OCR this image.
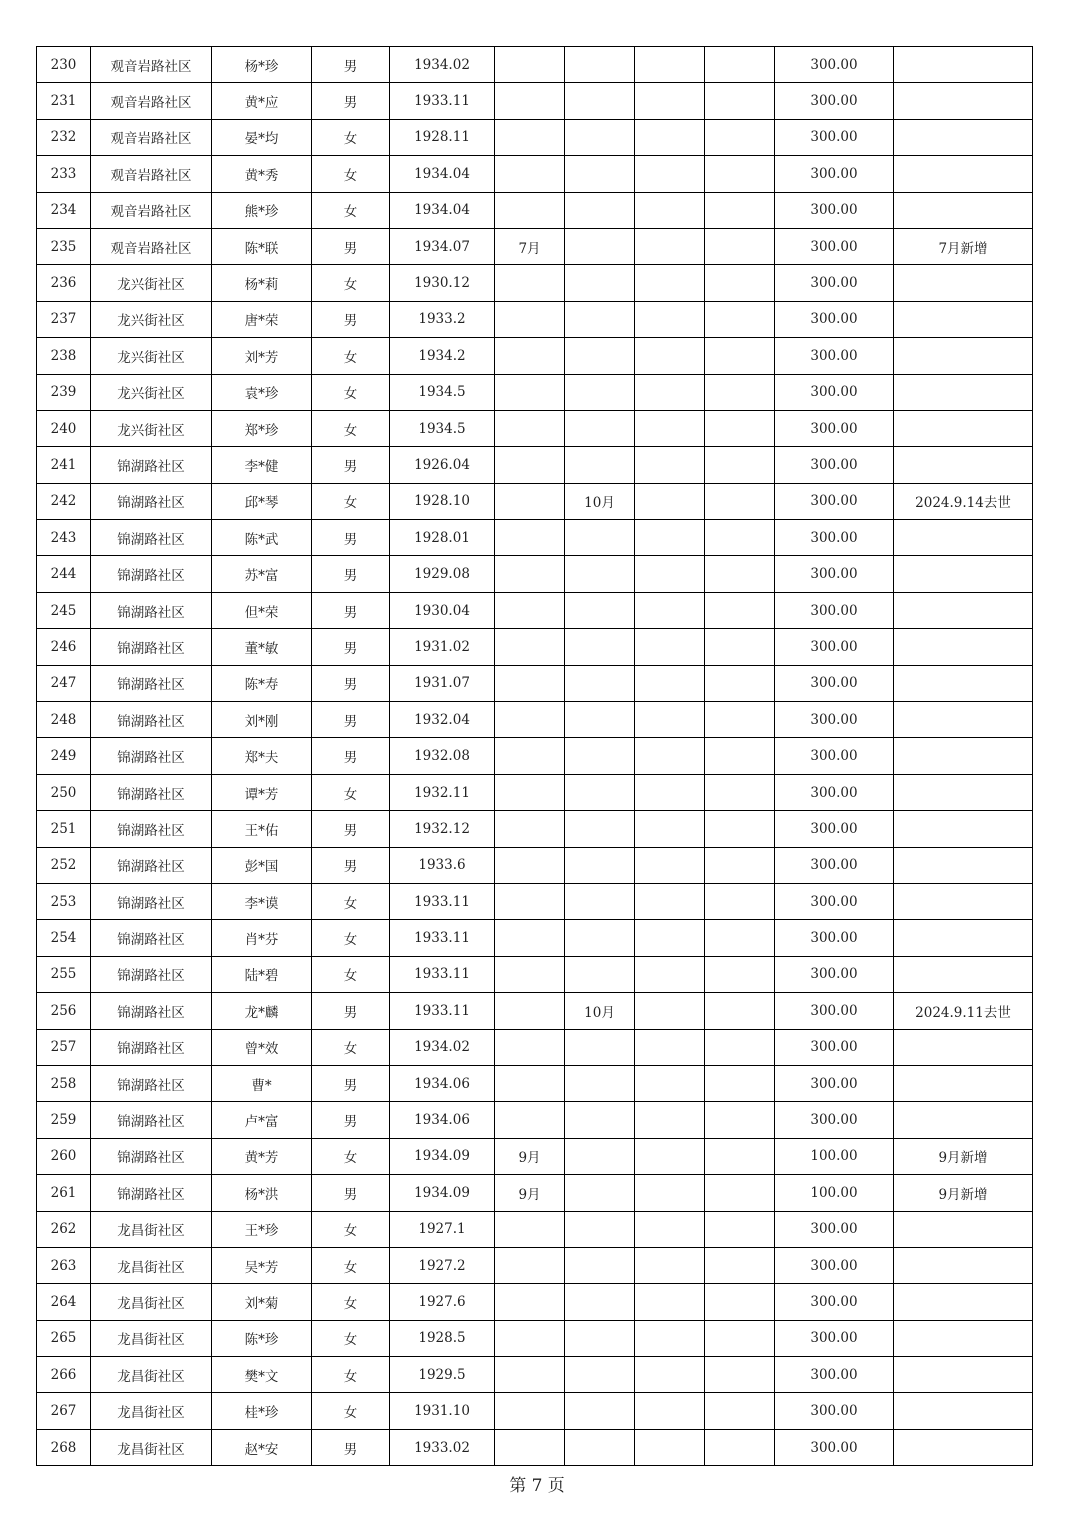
230	观音岩路社区	杨*珍	男	1934.02					300.00	
231	观音岩路社区	黄*应	男	1933.11					300.00	
232	观音岩路社区	晏*均	女	1928.11					300.00	
233	观音岩路社区	黄*秀	女	1934.04					300.00	
234	观音岩路社区	熊*珍	女	1934.04					300.00	
235	观音岩路社区	陈*联	男	1934.07	7月				300.00	7月新增
236	龙兴街社区	杨*莉	女	1930.12					300.00	
237	龙兴街社区	唐*荣	男	1933.2					300.00	
238	龙兴街社区	刘*芳	女	1934.2					300.00	
239	龙兴街社区	袁*珍	女	1934.5					300.00	
240	龙兴街社区	郑*珍	女	1934.5					300.00	
241	锦湖路社区	李*健	男	1926.04					300.00	
242	锦湖路社区	邱*琴	女	1928.10		10月			300.00	2024.9.14去世
243	锦湖路社区	陈*武	男	1928.01					300.00	
244	锦湖路社区	苏*富	男	1929.08					300.00	
245	锦湖路社区	但*荣	男	1930.04					300.00	
246	锦湖路社区	董*敏	男	1931.02					300.00	
247	锦湖路社区	陈*寿	男	1931.07					300.00	
248	锦湖路社区	刘*刚	男	1932.04					300.00	
249	锦湖路社区	郑*夫	男	1932.08					300.00	
250	锦湖路社区	谭*芳	女	1932.11					300.00	
251	锦湖路社区	王*佑	男	1932.12					300.00	
252	锦湖路社区	彭*国	男	1933.6					300.00	
253	锦湖路社区	李*谟	女	1933.11					300.00	
254	锦湖路社区	肖*芬	女	1933.11					300.00	
255	锦湖路社区	陆*碧	女	1933.11					300.00	
256	锦湖路社区	龙*麟	男	1933.11		10月			300.00	2024.9.11去世
257	锦湖路社区	曾*效	女	1934.02					300.00	
258	锦湖路社区	曹*	男	1934.06					300.00	
259	锦湖路社区	卢*富	男	1934.06					300.00	
260	锦湖路社区	黄*芳	女	1934.09	9月				100.00	9月新增
261	锦湖路社区	杨*洪	男	1934.09	9月				100.00	9月新增
262	龙昌街社区	王*珍	女	1927.1					300.00	
263	龙昌街社区	吴*芳	女	1927.2					300.00	
264	龙昌街社区	刘*菊	女	1927.6					300.00	
265	龙昌街社区	陈*珍	女	1928.5					300.00	
266	龙昌街社区	樊*文	女	1929.5					300.00	
267	龙昌街社区	桂*珍	女	1931.10					300.00	
268	龙昌街社区	赵*安	男	1933.02					300.00	
第 7 页
